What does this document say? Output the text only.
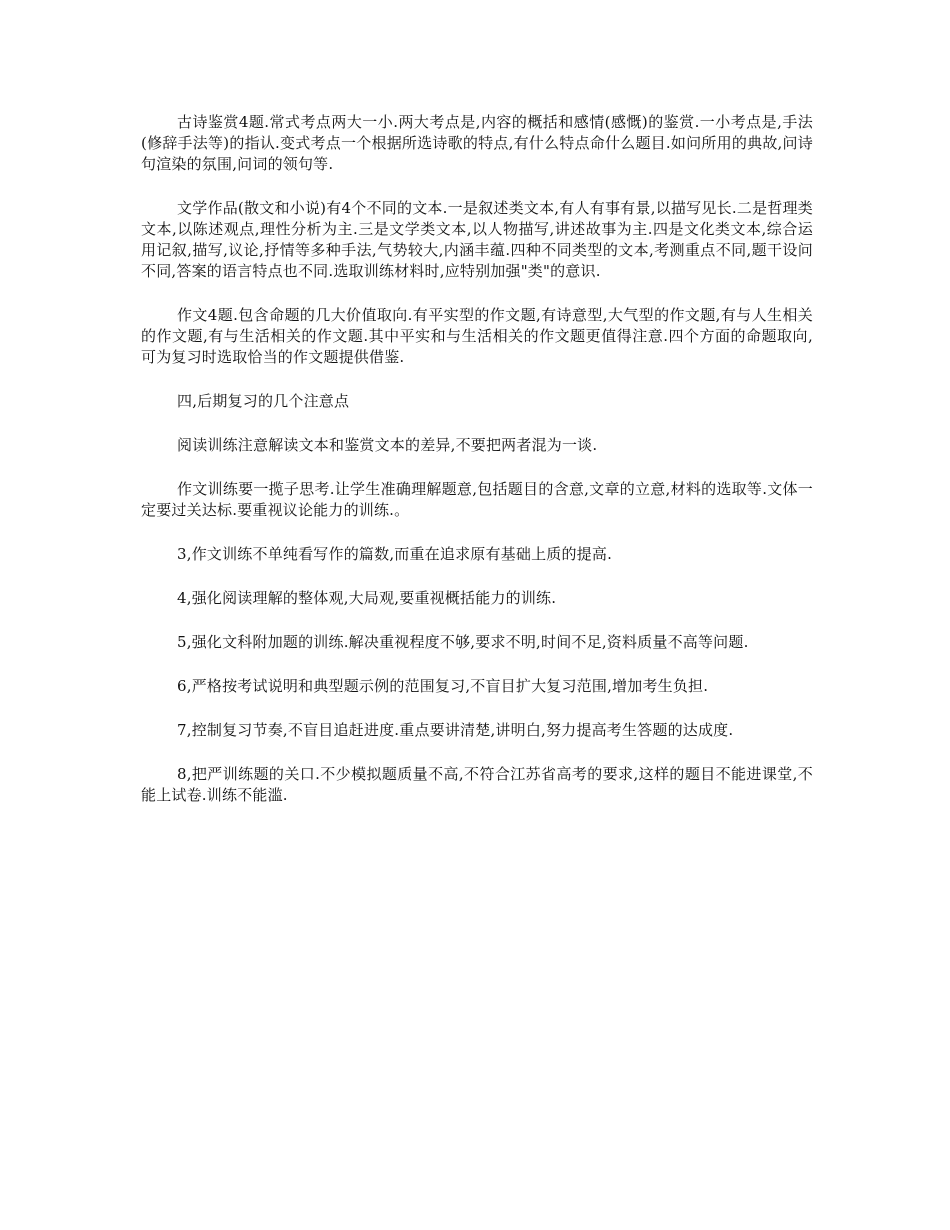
古诗鉴赏4题.常式考点两大一小.两大考点是,内容的概括和感情(感慨)的鉴赏.一小考点是,手法(修辞手法等)的指认.变式考点一个根据所选诗歌的特点,有什么特点命什么题目.如问所用的典故,问诗句渲染的氛围,问词的领句等.

文学作品(散文和小说)有4个不同的文本.一是叙述类文本,有人有事有景,以描写见长.二是哲理类文本,以陈述观点,理性分析为主.三是文学类文本,以人物描写,讲述故事为主.四是文化类文本,综合运用记叙,描写,议论,抒情等多种手法,气势较大,内涵丰蕴.四种不同类型的文本,考测重点不同,题干设问不同,答案的语言特点也不同.选取训练材料时,应特别加强"类"的意识.

作文4题.包含命题的几大价值取向.有平实型的作文题,有诗意型,大气型的作文题,有与人生相关的作文题,有与生活相关的作文题.其中平实和与生活相关的作文题更值得注意.四个方面的命题取向,可为复习时选取恰当的作文题提供借鉴.

四,后期复习的几个注意点

阅读训练注意解读文本和鉴赏文本的差异,不要把两者混为一谈.

作文训练要一揽子思考.让学生准确理解题意,包括题目的含意,文章的立意,材料的选取等.文体一定要过关达标.要重视议论能力的训练.。

3,作文训练不单纯看写作的篇数,而重在追求原有基础上质的提高.

4,强化阅读理解的整体观,大局观,要重视概括能力的训练.

5,强化文科附加题的训练.解决重视程度不够,要求不明,时间不足,资料质量不高等问题.

6,严格按考试说明和典型题示例的范围复习,不盲目扩大复习范围,增加考生负担.

7,控制复习节奏,不盲目追赶进度.重点要讲清楚,讲明白,努力提高考生答题的达成度.

8,把严训练题的关口.不少模拟题质量不高,不符合江苏省高考的要求,这样的题目不能进课堂,不能上试卷.训练不能滥.
